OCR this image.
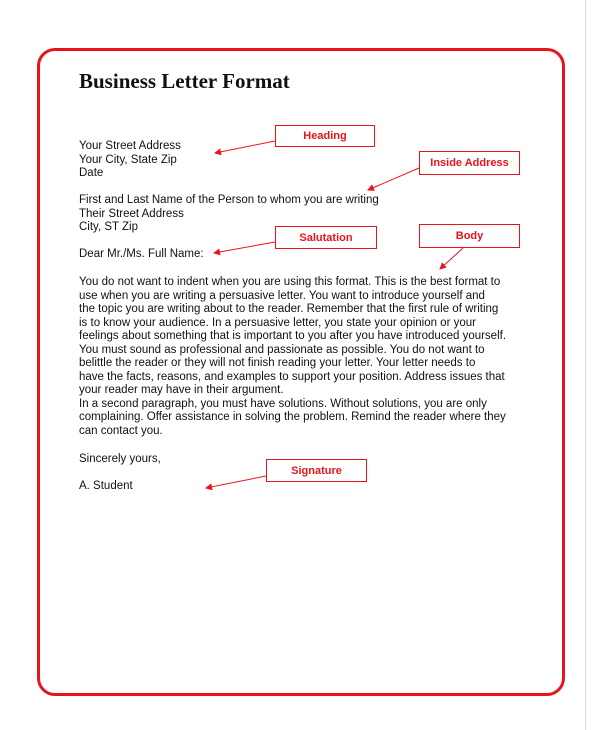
Business Letter Format

Your Street Address

Your City, State Zip

Date

First and Last Name of the Person to whom you are writing

Their Street Address

City, ST Zip

Dear Mr./Ms. Full Name:

You do not want to indent when you are using this format. This is the best format to

use when you are writing a persuasive letter. You want to introduce yourself and

the topic you are writing about to the reader. Remember that the first rule of writing

is to know your audience. In a persuasive letter, you state your opinion or your

feelings about something that is important to you after you have introduced yourself.

You must sound as professional and passionate as possible. You do not want to

belittle the reader or they will not finish reading your letter. Your letter needs to

have the facts, reasons, and examples to support your position. Address issues that

your reader may have in their argument.

In a second paragraph, you must have solutions. Without solutions, you are only

complaining. Offer assistance in solving the problem. Remind the reader where they

can contact you.

Sincerely yours,

A. Student

Heading
Inside Address
Salutation	Body
Signature
